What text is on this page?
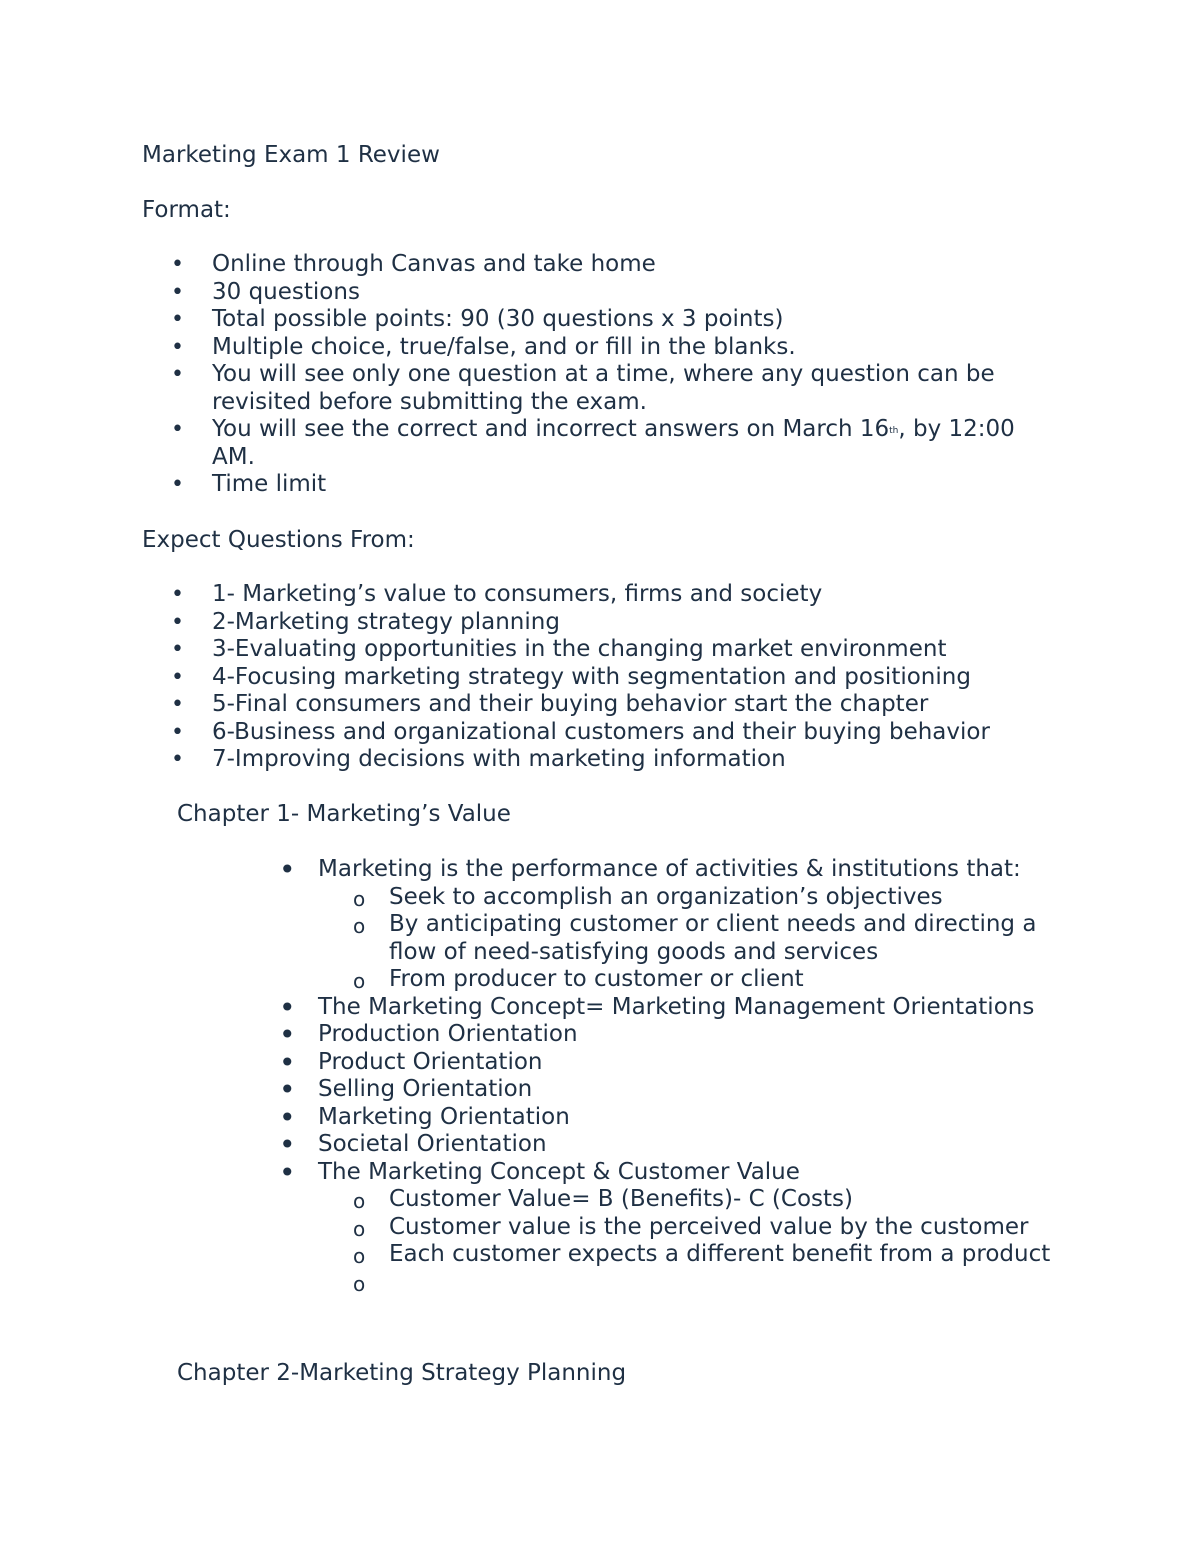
Marketing Exam 1 Review

Format:

• Online through Canvas and take home
• 30 questions
• Total possible points: 90 (30 questions x 3 points)
• Multiple choice, true/false, and or fill in the blanks.
• You will see only one question at a time, where any question can be revisited before submitting the exam.
• You will see the correct and incorrect answers on March 16th, by 12:00 AM.
• Time limit

Expect Questions From:

• 1- Marketing’s value to consumers, firms and society
• 2-Marketing strategy planning
• 3-Evaluating opportunities in the changing market environment
• 4-Focusing marketing strategy with segmentation and positioning
• 5-Final consumers and their buying behavior start the chapter
• 6-Business and organizational customers and their buying behavior
• 7-Improving decisions with marketing information

Chapter 1- Marketing’s Value

• Marketing is the performance of activities & institutions that:
o Seek to accomplish an organization’s objectives
o By anticipating customer or client needs and directing a flow of need-satisfying goods and services
o From producer to customer or client
• The Marketing Concept= Marketing Management Orientations
• Production Orientation
• Product Orientation
• Selling Orientation
• Marketing Orientation
• Societal Orientation
• The Marketing Concept & Customer Value
o Customer Value= B (Benefits)- C (Costs)
o Customer value is the perceived value by the customer
o Each customer expects a different benefit from a product
o

Chapter 2-Marketing Strategy Planning
